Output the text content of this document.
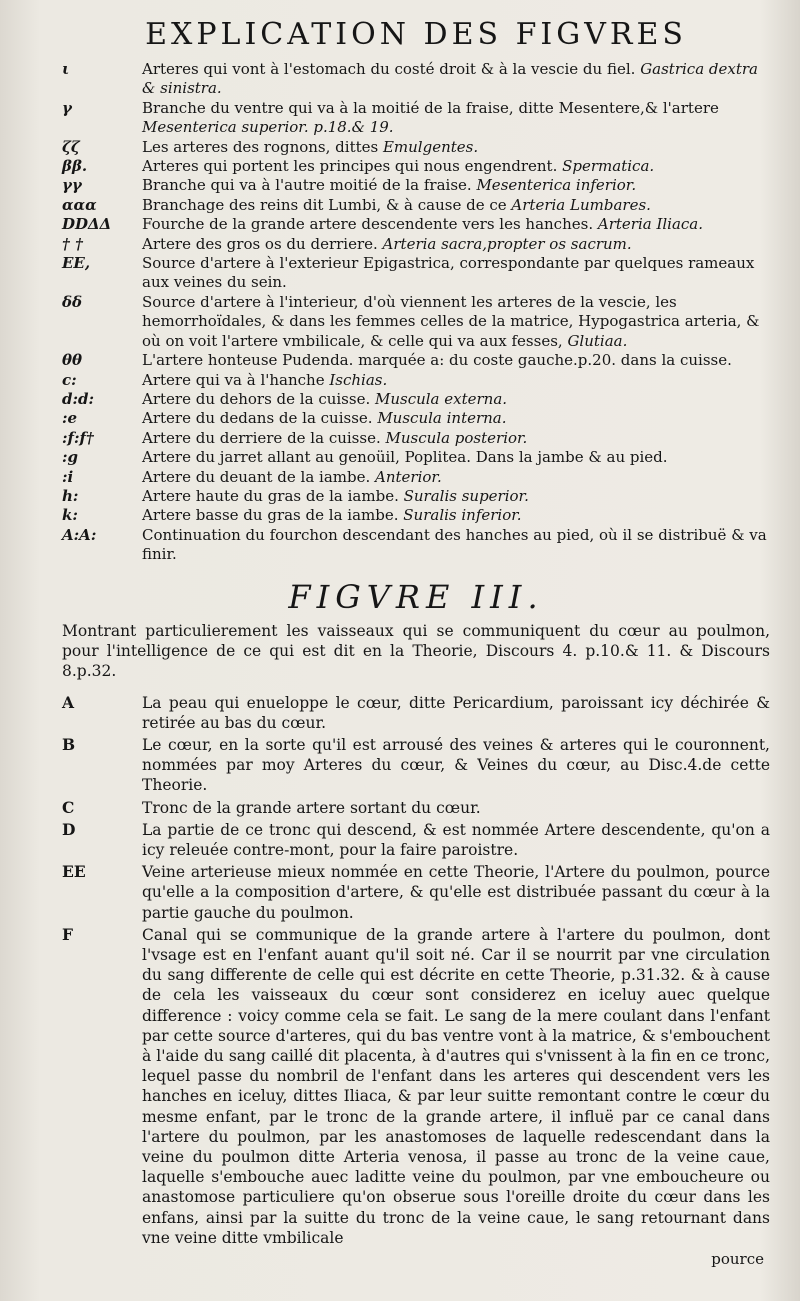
EXPLICATION DES FIGVRES
ι	Arteres qui vont à l'estomach du costé droit & à la vescie du fiel. Gastrica dextra & sinistra.
γ	Branche du ventre qui va à la moitié de la fraise, ditte Mesentere,& l'artere Mesenterica superior. p.18.& 19.
ζζ	Les arteres des rognons, dittes Emulgentes.
ββ.	Arteres qui portent les principes qui nous engendrent. Spermatica.
γγ	Branche qui va à l'autre moitié de la fraise. Mesenterica inferior.
ααα	Branchage des reins dit Lumbi, & à cause de ce Arteria Lumbares.
DDΔΔ	Fourche de la grande artere descendente vers les hanches. Arteria Iliaca.
† †	Artere des gros os du derriere. Arteria sacra,propter os sacrum.
EE,	Source d'artere à l'exterieur Epigastrica, correspondante par quelques rameaux aux veines du sein.
δδ	Source d'artere à l'interieur, d'où viennent les arteres de la vescie, les hemorrhoïdales, & dans les femmes celles de la matrice, Hypogastrica arteria, & où on voit l'artere vmbilicale, & celle qui va aux fesses, Glutiaa.
θθ	L'artere honteuse Pudenda. marquée a: du coste gauche.p.20. dans la cuisse.
c:	Artere qui va à l'hanche Ischias.
d:d:	Artere du dehors de la cuisse. Muscula externa.
:e	Artere du dedans de la cuisse. Muscula interna.
:f:f†	Artere du derriere de la cuisse. Muscula posterior.
:g	Artere du jarret allant au genoüil, Poplitea. Dans la jambe & au pied.
:i	Artere du deuant de la iambe. Anterior.
h:	Artere haute du gras de la iambe. Suralis superior.
k:	Artere basse du gras de la iambe. Suralis inferior.
A:A:	Continuation du fourchon descendant des hanches au pied, où il se distribuë & va finir.
FIGVRE III.

Montrant particulierement les vaisseaux qui se communiquent du cœur au poulmon, pour l'intelligence de ce qui est dit en la Theorie, Discours 4. p.10.& 11. & Discours 8.p.32.

A	La peau qui enueloppe le cœur, ditte Pericardium, paroissant icy déchirée & retirée au bas du cœur.
B	Le cœur, en la sorte qu'il est arrousé des veines & arteres qui le couronnent, nommées par moy Arteres du cœur, & Veines du cœur, au Disc.4.de cette Theorie.
C	Tronc de la grande artere sortant du cœur.
D	La partie de ce tronc qui descend, & est nommée Artere descendente, qu'on a icy releuée contre-mont, pour la faire paroistre.
EE	Veine arterieuse mieux nommée en cette Theorie, l'Artere du poulmon, pource qu'elle a la composition d'artere, & qu'elle est distribuée passant du cœur à la partie gauche du poulmon.
F	Canal qui se communique de la grande artere à l'artere du poulmon, dont l'vsage est en l'enfant auant qu'il soit né. Car il se nourrit par vne circulation du sang differente de celle qui est décrite en cette Theorie, p.31.32. & à cause de cela les vaisseaux du cœur sont considerez en iceluy auec quelque difference : voicy comme cela se fait. Le sang de la mere coulant dans l'enfant par cette source d'arteres, qui du bas ventre vont à la matrice, & s'embouchent à l'aide du sang caillé dit placenta, à d'autres qui s'vnissent à la fin en ce tronc, lequel passe du nombril de l'enfant dans les arteres qui descendent vers les hanches en iceluy, dittes Iliaca, & par leur suitte remontant contre le cœur du mesme enfant, par le tronc de la grande artere, il influë par ce canal dans l'artere du poulmon, par les anastomoses de laquelle redescendant dans la veine du poulmon ditte Arteria venosa, il passe au tronc de la veine caue, laquelle s'embouche auec laditte veine du poulmon, par vne emboucheure ou anastomose particuliere qu'on obserue sous l'oreille droite du cœur dans les enfans, ainsi par la suitte du tronc de la veine caue, le sang retournant dans vne veine ditte vmbilicale
pource
